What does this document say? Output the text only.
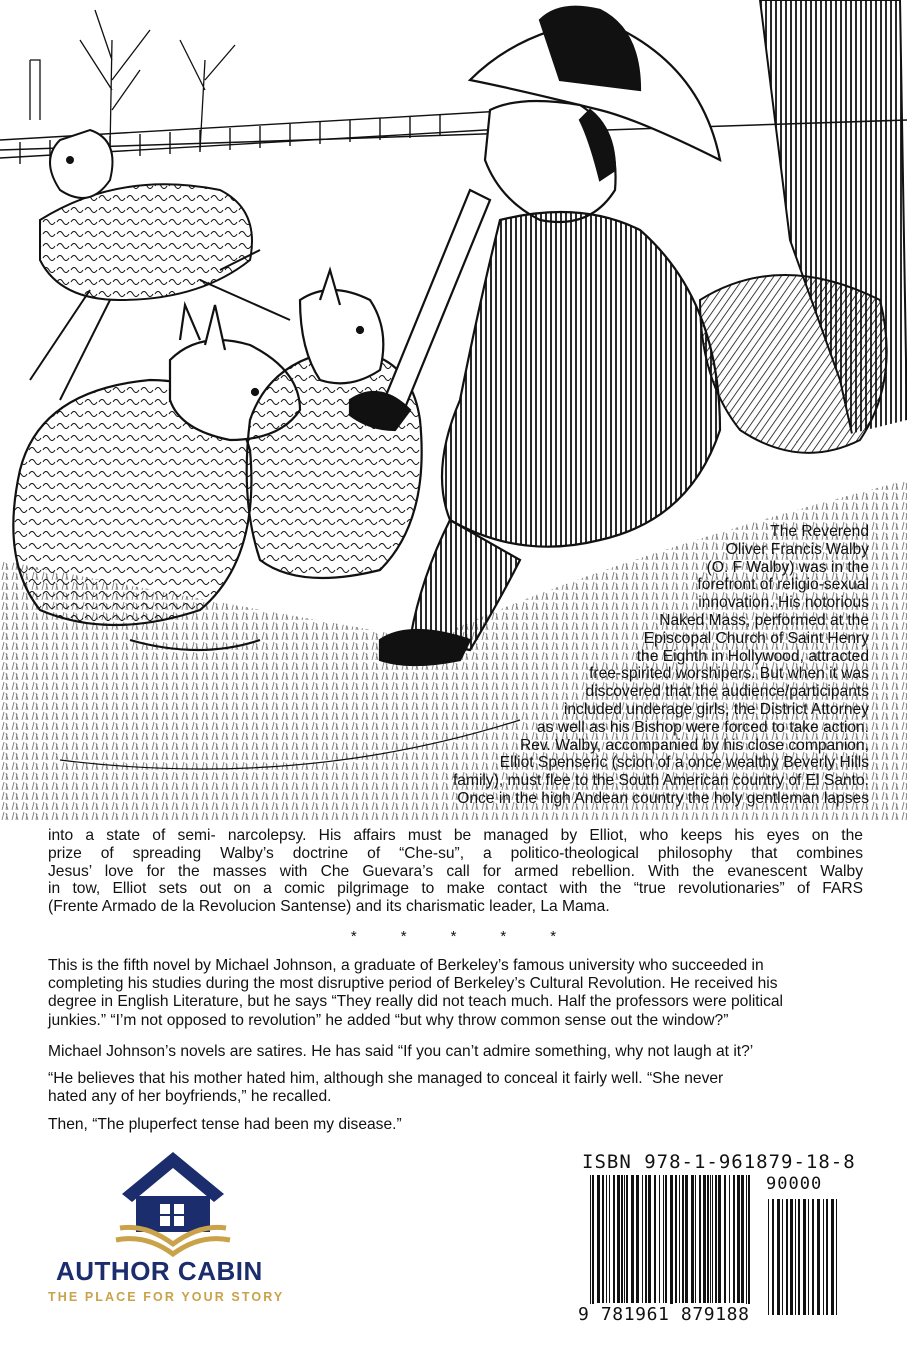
The Reverend
Oliver Francis Walby
(O. F Walby) was in the
forefront of religio-sexual
innovation. His notorious
Naked Mass, performed at the
Episcopal Church of Saint Henry
the Eighth in Hollywood, attracted
free-spirited worshipers. But when it was
discovered that the audience/participants
included underage girls, the District Attorney
as well as his Bishop were forced to take action.
Rev. Walby, accompanied by his close companion,
Elliot Spenseric (scion of a once wealthy Beverly Hills
family), must flee to the South American country of El Santo.
Once in the high Andean country the holy gentleman lapses
into a state of semi- narcolepsy. His affairs must be managed by Elliot, who keeps his eyes on the
prize of spreading Walby’s doctrine of “Che-su”, a politico-theological philosophy that combines
Jesus’ love for the masses with Che Guevara’s call for armed rebellion. With the evanescent Walby
in tow, Elliot sets out on a comic pilgrimage to make contact with the “true revolutionaries” of FARS
(Frente Armado de la Revolucion Santense) and its charismatic leader, La Mama.
*	*	*	*	*
This is the fifth novel by Michael Johnson, a graduate of Berkeley’s famous university who succeeded in
completing his studies during the most disruptive period of Berkeley’s Cultural Revolution. He received his
degree in English Literature, but he says “They really did not teach much. Half the professors were political
junkies.” “I’m not opposed to revolution” he added “but why throw common sense out the window?”
Michael Johnson’s novels are satires. He has said “If you can’t admire something, why not laugh at it?’
“He believes that his mother hated him, although she managed to conceal it fairly well. “She never
hated any of her boyfriends,” he recalled.
Then, “The pluperfect tense had been my disease.”
AUTHOR CABIN
THE PLACE FOR YOUR STORY
ISBN 978-1-961879-18-8
90000
9 781961 879188
